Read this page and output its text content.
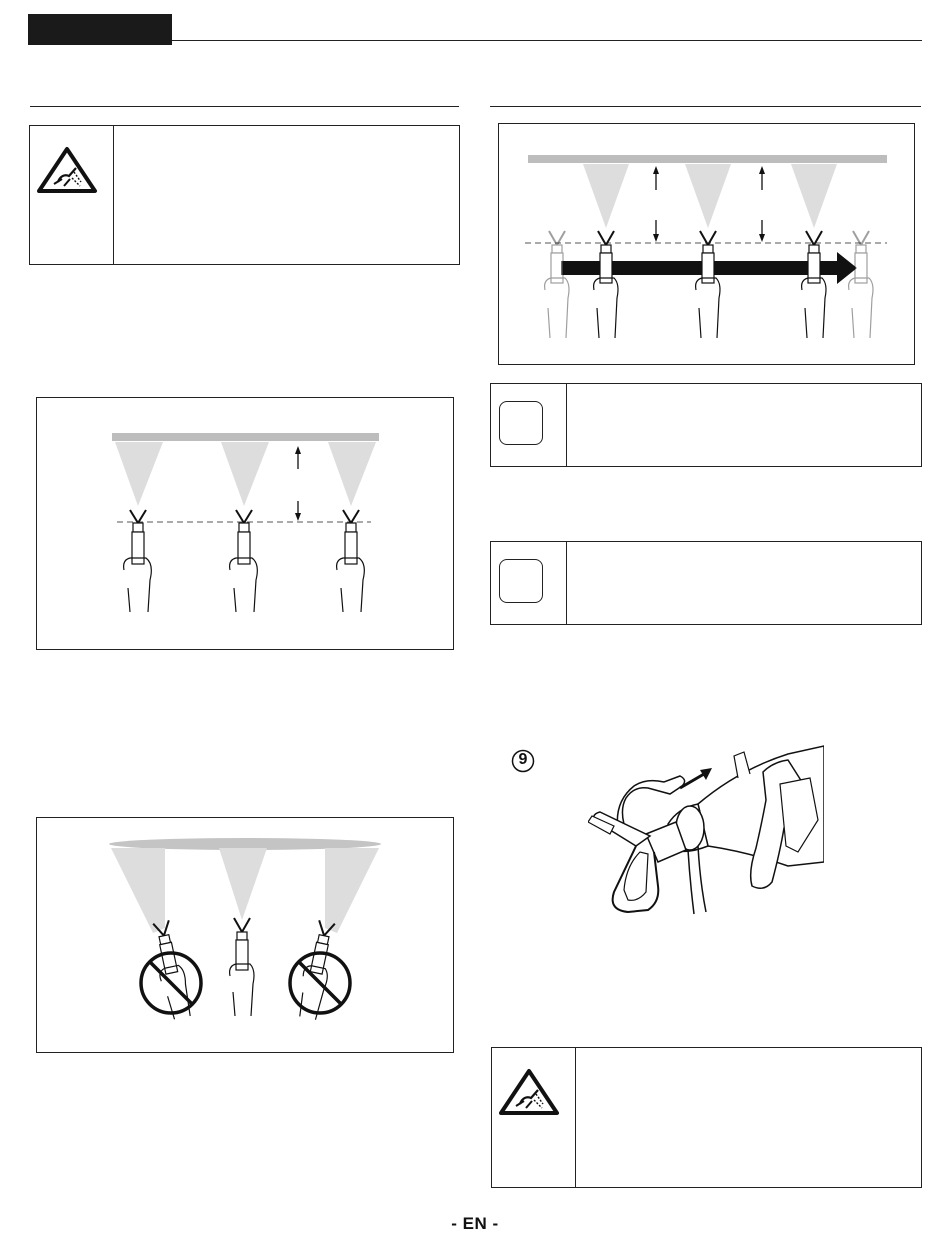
9
- EN -
